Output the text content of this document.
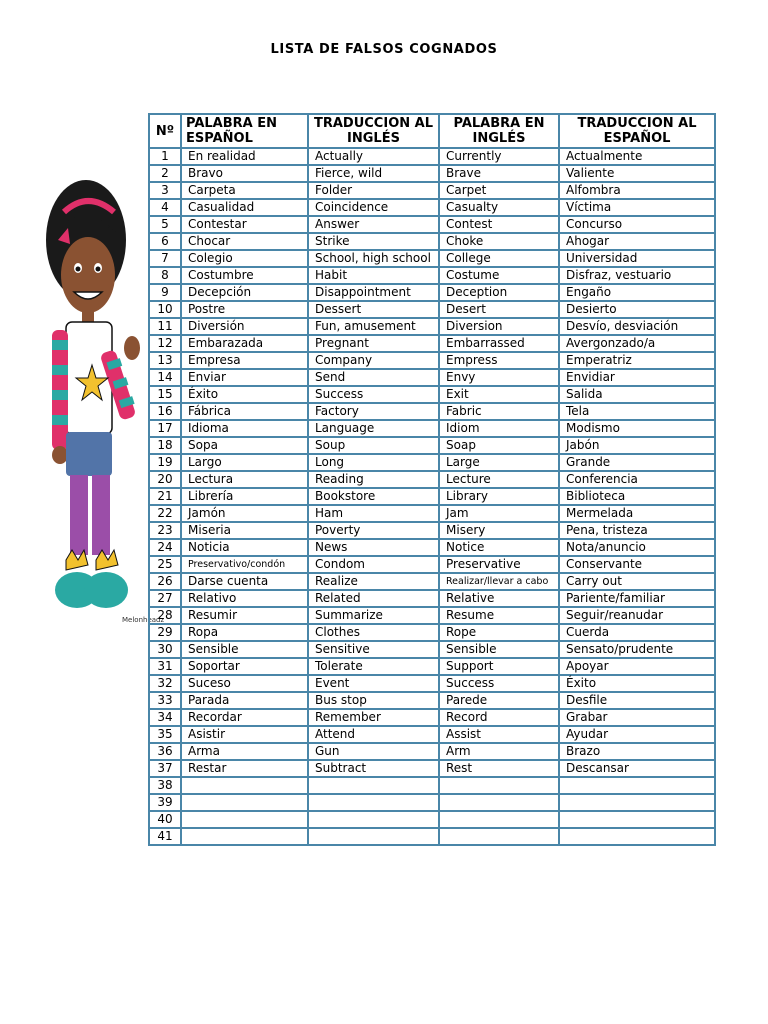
LISTA DE FALSOS COGNADOS
Melonheadz
Nº	PALABRA EN ESPAÑOL	TRADUCCION AL INGLÉS	PALABRA EN INGLÉS	TRADUCCION AL ESPAÑOL
1	En realidad	Actually	Currently	Actualmente
2	Bravo	Fierce, wild	Brave	Valiente
3	Carpeta	Folder	Carpet	Alfombra
4	Casualidad	Coincidence	Casualty	Víctima
5	Contestar	Answer	Contest	Concurso
6	Chocar	Strike	Choke	Ahogar
7	Colegio	School, high school	College	Universidad
8	Costumbre	Habit	Costume	Disfraz, vestuario
9	Decepción	Disappointment	Deception	Engaño
10	Postre	Dessert	Desert	Desierto
11	Diversión	Fun, amusement	Diversion	Desvío, desviación
12	Embarazada	Pregnant	Embarrassed	Avergonzado/a
13	Empresa	Company	Empress	Emperatriz
14	Enviar	Send	Envy	Envidiar
15	Éxito	Success	Exit	Salida
16	Fábrica	Factory	Fabric	Tela
17	Idioma	Language	Idiom	Modismo
18	Sopa	Soup	Soap	Jabón
19	Largo	Long	Large	Grande
20	Lectura	Reading	Lecture	Conferencia
21	Librería	Bookstore	Library	Biblioteca
22	Jamón	Ham	Jam	Mermelada
23	Miseria	Poverty	Misery	Pena, tristeza
24	Noticia	News	Notice	Nota/anuncio
25	Preservativo/condón	Condom	Preservative	Conservante
26	Darse cuenta	Realize	Realizar/llevar a cabo	Carry out
27	Relativo	Related	Relative	Pariente/familiar
28	Resumir	Summarize	Resume	Seguir/reanudar
29	Ropa	Clothes	Rope	Cuerda
30	Sensible	Sensitive	Sensible	Sensato/prudente
31	Soportar	Tolerate	Support	Apoyar
32	Suceso	Event	Success	Éxito
33	Parada	Bus stop	Parede	Desfile
34	Recordar	Remember	Record	Grabar
35	Asistir	Attend	Assist	Ayudar
36	Arma	Gun	Arm	Brazo
37	Restar	Subtract	Rest	Descansar
38				
39				
40				
41				
